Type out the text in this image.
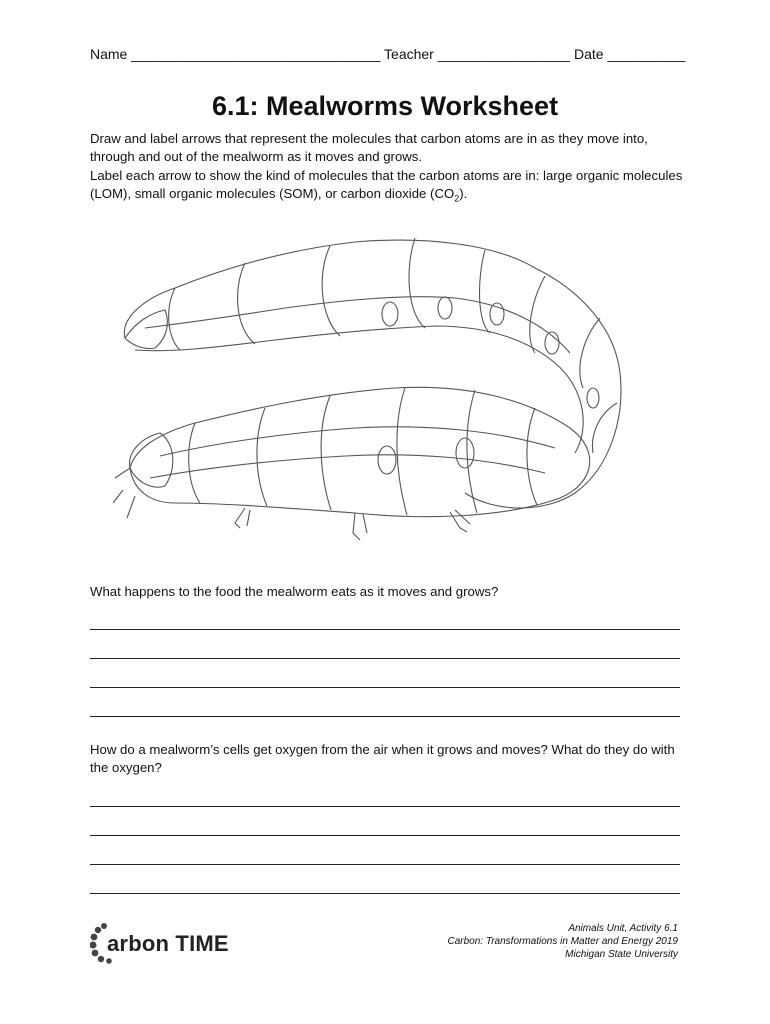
Name ________________________________ Teacher _________________ Date __________
6.1: Mealworms Worksheet
Draw and label arrows that represent the molecules that carbon atoms are in as they move into, through and out of the mealworm as it moves and grows.
Label each arrow to show the kind of molecules that the carbon atoms are in: large organic molecules (LOM), small organic molecules (SOM), or carbon dioxide $(CO_2)$.
What happens to the food the mealworm eats as it moves and grows?
How do a mealworm’s cells get oxygen from the air when it grows and moves? What do they do with the oxygen?
arbon TIME
Animals Unit, Activity 6.1
Carbon: Transformations in Matter and Energy 2019
Michigan State University
